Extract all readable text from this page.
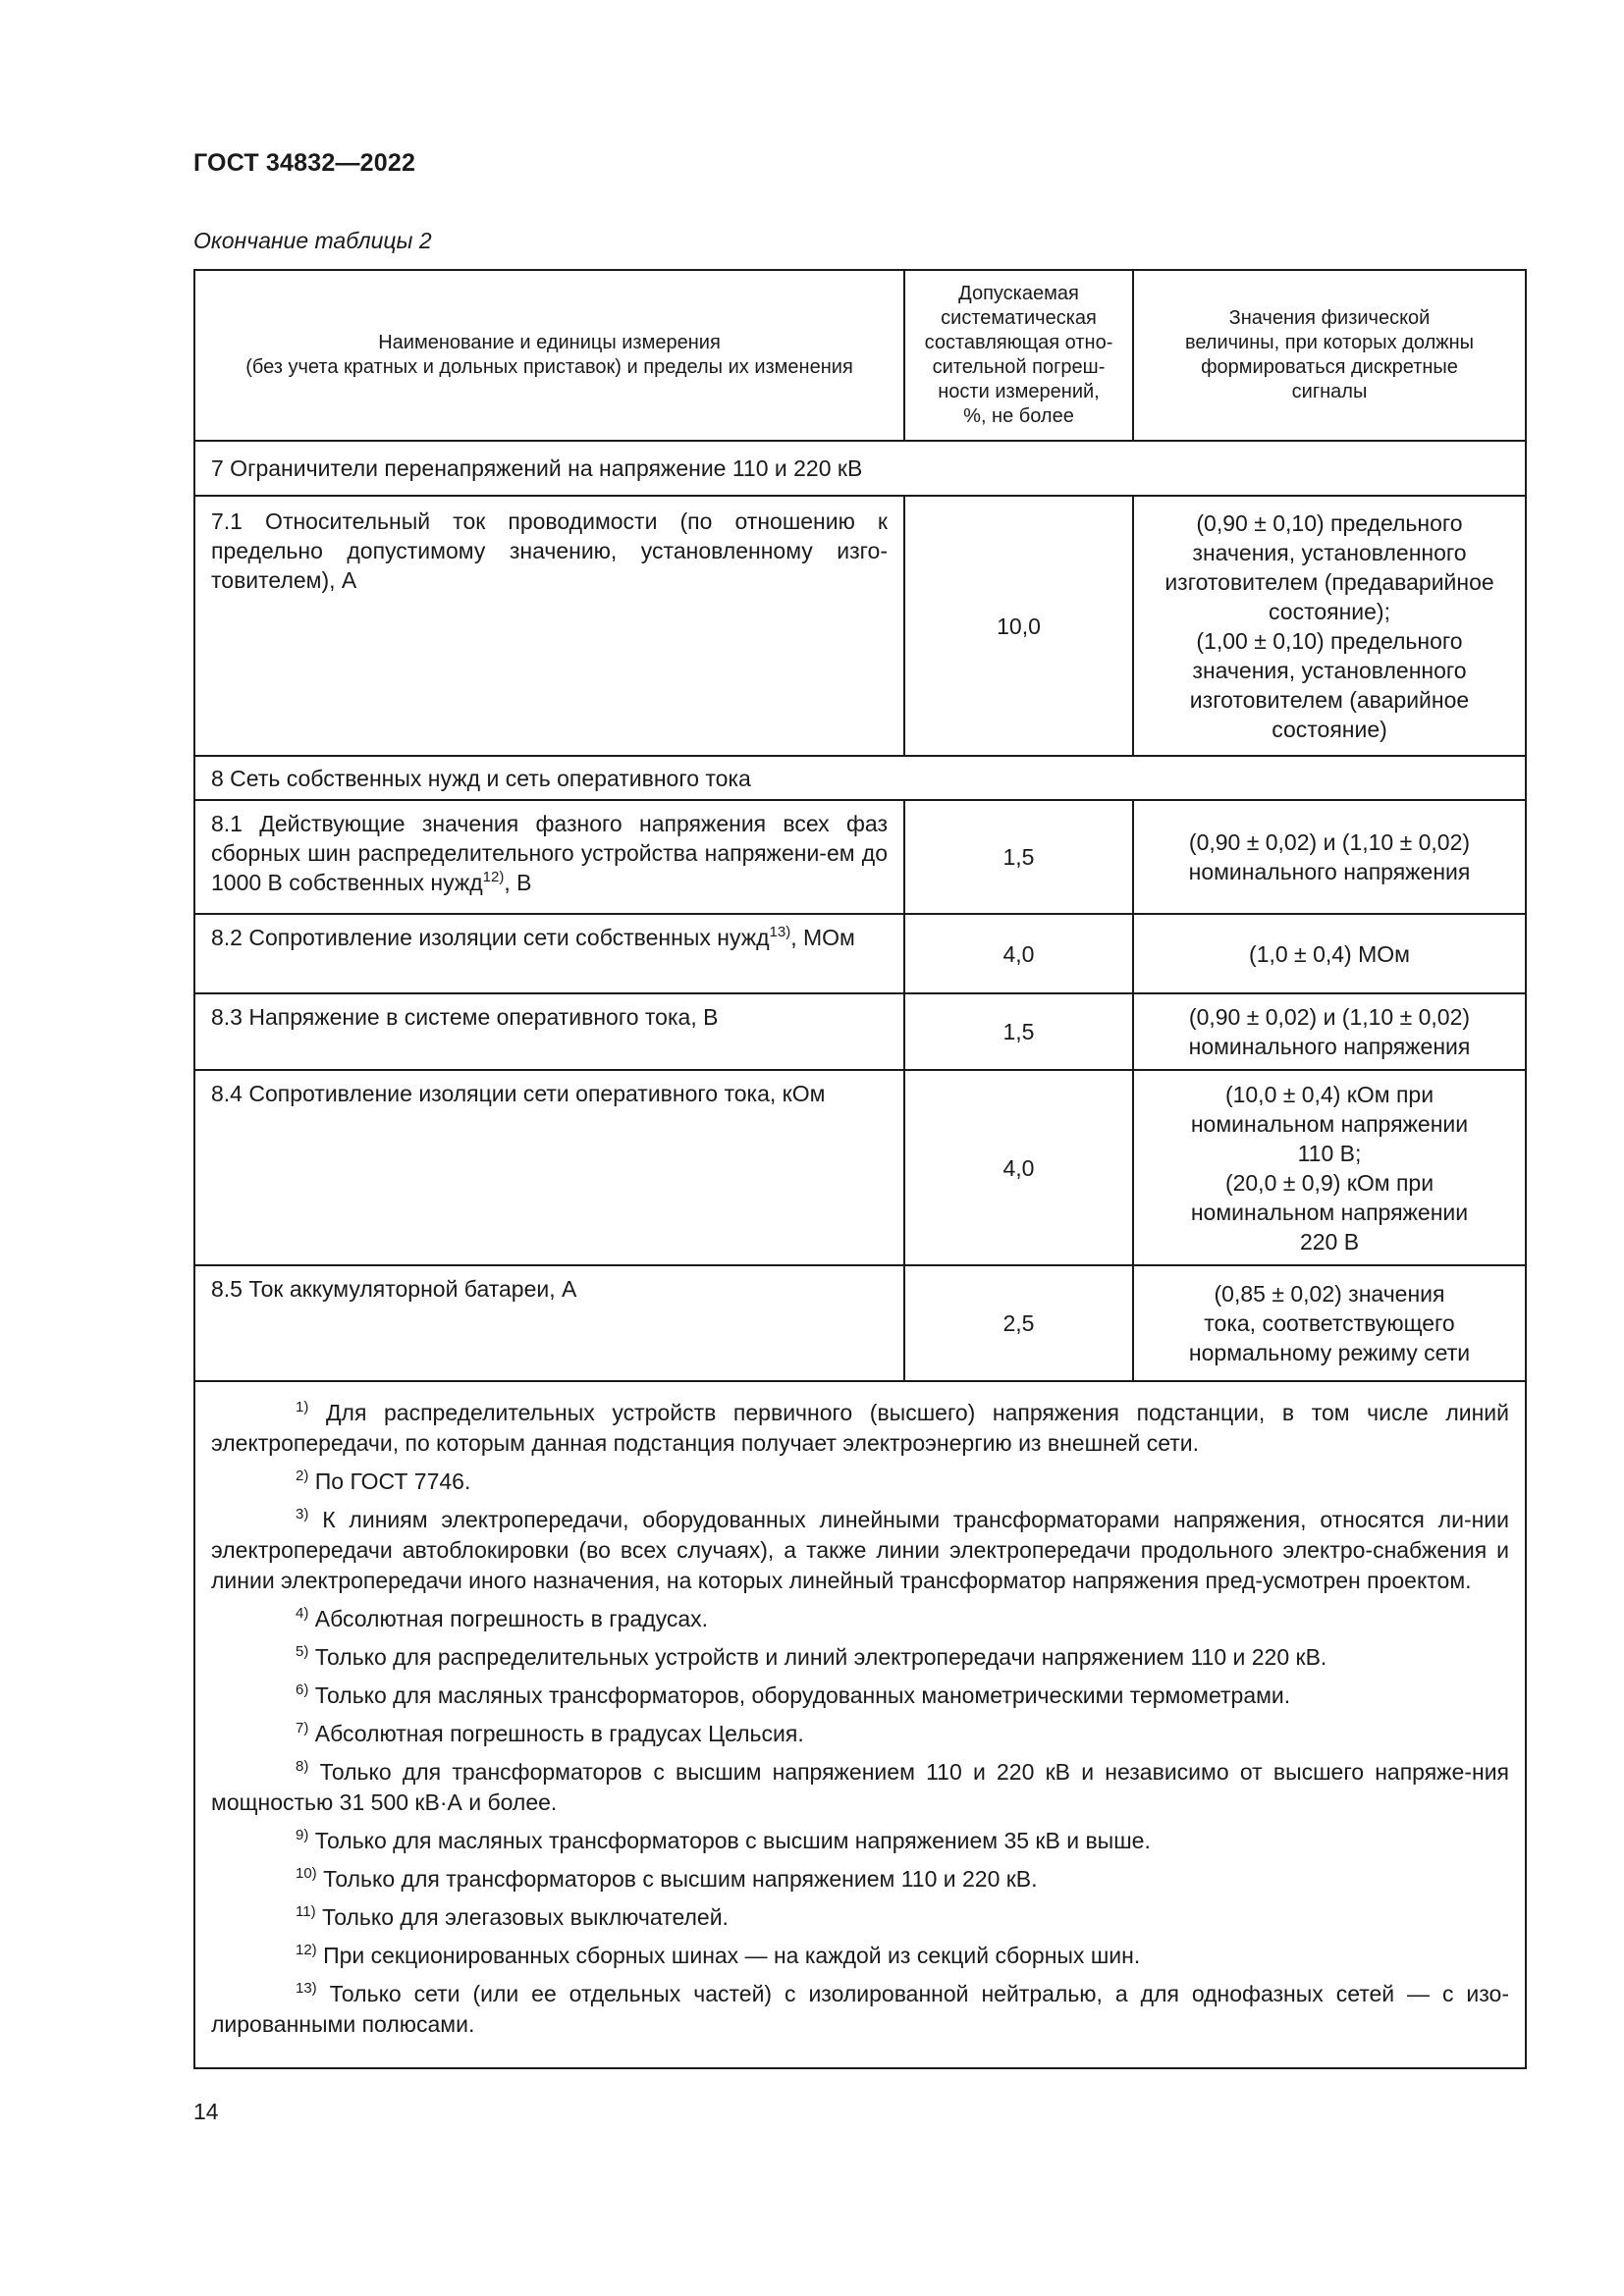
ГОСТ 34832—2022
Окончание таблицы 2
Наименование и единицы измерения
(без учета кратных и дольных приставок) и пределы их изменения
Допускаемая
систематическая
составляющая отно-
сительной погреш-
ности измерений,
%, не более
Значения физической
величины, при которых должны
формироваться дискретные
сигналы
7 Ограничители перенапряжений на напряжение 110 и 220 кВ
7.1 Относительный ток проводимости (по отношению к предельно допустимому значению, установленному изго-товителем), А
10,0
(0,90 ± 0,10) предельного
значения, установленного
изготовителем (предаварийное
состояние);
(1,00 ± 0,10) предельного
значения, установленного
изготовителем (аварийное
состояние)
8 Сеть собственных нужд и сеть оперативного тока
8.1 Действующие значения фазного напряжения всех фаз сборных шин распределительного устройства напряжени-ем до 1000 В собственных нужд$^{12)}$, В
1,5
(0,90 ± 0,02) и (1,10 ± 0,02)
номинального напряжения
8.2 Сопротивление изоляции сети собственных нужд$^{13)}$, МОм
4,0	(1,0 ± 0,4) МОм
8.3 Напряжение в системе оперативного тока, В
1,5
(0,90 ± 0,02) и (1,10 ± 0,02)
номинального напряжения
8.4 Сопротивление изоляции сети оперативного тока, кОм
4,0
(10,0 ± 0,4) кОм при
номинальном напряжении
110 В;
(20,0 ± 0,9) кОм при
номинальном напряжении
220 В
8.5 Ток аккумуляторной батареи, А
2,5
(0,85 ± 0,02) значения
тока, соответствующего
нормальному режиму сети

$^{1)}$ Для распределительных устройств первичного (высшего) напряжения подстанции, в том числе линий электропередачи, по которым данная подстанция получает электроэнергию из внешней сети.

$^{2)}$ По ГОСТ 7746.

$^{3)}$ К линиям электропередачи, оборудованных линейными трансформаторами напряжения, относятся ли-нии электропередачи автоблокировки (во всех случаях), а также линии электропередачи продольного электро-снабжения и линии электропередачи иного назначения, на которых линейный трансформатор напряжения пред-усмотрен проектом.

$^{4)}$ Абсолютная погрешность в градусах.

$^{5)}$ Только для распределительных устройств и линий электропередачи напряжением 110 и 220 кВ.

$^{6)}$ Только для масляных трансформаторов, оборудованных манометрическими термометрами.

$^{7)}$ Абсолютная погрешность в градусах Цельсия.

$^{8)}$ Только для трансформаторов с высшим напряжением 110 и 220 кВ и независимо от высшего напряже-ния мощностью 31 500 кВ·А и более.

$^{9)}$ Только для масляных трансформаторов с высшим напряжением 35 кВ и выше.

$^{10)}$ Только для трансформаторов с высшим напряжением 110 и 220 кВ.

$^{11)}$ Только для элегазовых выключателей.

$^{12)}$ При секционированных сборных шинах — на каждой из секций сборных шин.

$^{13)}$ Только сети (или ее отдельных частей) с изолированной нейтралью, а для однофазных сетей — с изо-лированными полюсами.

14
